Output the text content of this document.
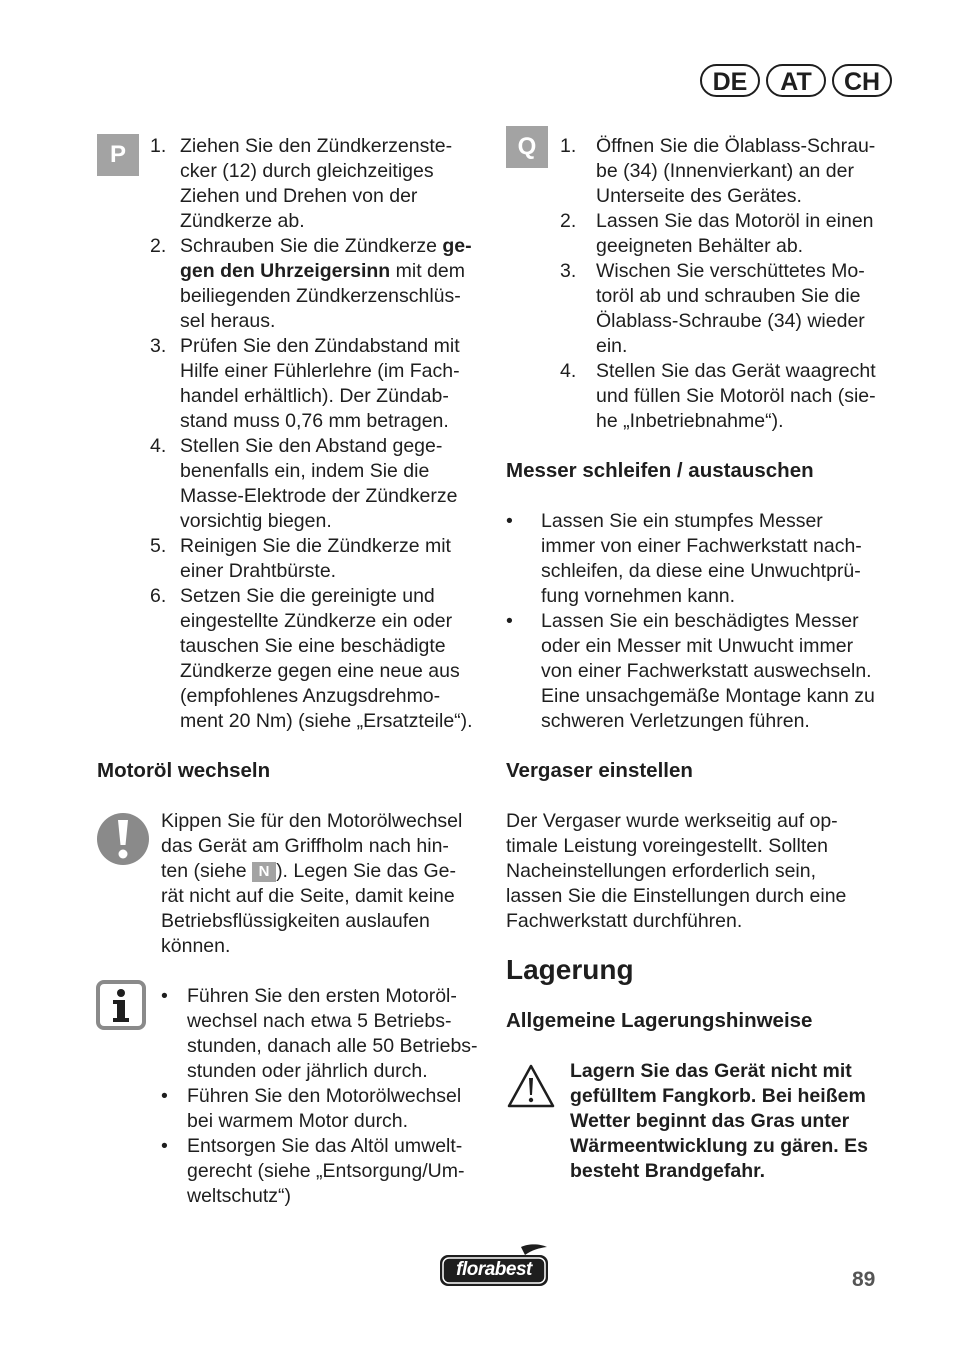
DE	AT	CH
P	1. Ziehen Sie den Zündkerzenste-
cker (12) durch gleichzeitiges
Ziehen und Drehen von der
Zündkerze ab.
2. Schrauben Sie die Zündkerze ge-
gen den Uhrzeigersinn mit dem
beiliegenden Zündkerzenschlüs-
sel heraus.
3. Prüfen Sie den Zündabstand mit
Hilfe einer Fühlerlehre (im Fach-
handel erhältlich). Der Zündab-
stand muss 0,76 mm betragen.
4. Stellen Sie den Abstand gege-
benenfalls ein, indem Sie die
Masse-Elektrode der Zündkerze
vorsichtig biegen.
5. Reinigen Sie die Zündkerze mit
einer Drahtbürste.
6. Setzen Sie die gereinigte und
eingestellte Zündkerze ein oder
tauschen Sie eine beschädigte
Zündkerze gegen eine neue aus
(empfohlenes Anzugsdrehmo-
ment 20 Nm) (siehe „Ersatzteile“).
Motoröl wechseln
Kippen Sie für den Motorölwechsel
das Gerät am Griffholm nach hin-
ten (siehe N ). Legen Sie das Ge-
rät nicht auf die Seite, damit keine
Betriebsflüssigkeiten auslaufen
können.
• Führen Sie den ersten Motoröl-
wechsel nach etwa 5 Betriebs-
stunden, danach alle 50 Betriebs-
stunden oder jährlich durch.
• Führen Sie den Motorölwechsel
bei warmem Motor durch.
• Entsorgen Sie das Altöl umwelt-
gerecht (siehe „Entsorgung/Um-
weltschutz“)
Q	1. Öffnen Sie die Ölablass-Schrau-
be (34) (Innenvierkant) an der
Unterseite des Gerätes.
2. Lassen Sie das Motoröl in einen
geeigneten Behälter ab.
3. Wischen Sie verschüttetes Mo-
toröl ab und schrauben Sie die
Ölablass-Schraube (34) wieder
ein.
4. Stellen Sie das Gerät waagrecht
und füllen Sie Motoröl nach (sie-
he „Inbetriebnahme“).
Messer schleifen / austauschen
• Lassen Sie ein stumpfes Messer
immer von einer Fachwerkstatt nach-
schleifen, da diese eine Unwuchtprü-
fung vornehmen kann.
• Lassen Sie ein beschädigtes Messer
oder ein Messer mit Unwucht immer
von einer Fachwerkstatt auswechseln.
Eine unsachgemäße Montage kann zu
schweren Verletzungen führen.
Vergaser einstellen
Der Vergaser wurde werkseitig auf op-
timale Leistung voreingestellt. Sollten
Nacheinstellungen erforderlich sein,
lassen Sie die Einstellungen durch eine
Fachwerkstatt durchführen.
Lagerung
Allgemeine Lagerungshinweise
Lagern Sie das Gerät nicht mit
gefülltem Fangkorb. Bei heißem
Wetter beginnt das Gras unter
Wärmeentwicklung zu gären. Es
besteht Brandgefahr.
florabest	89
